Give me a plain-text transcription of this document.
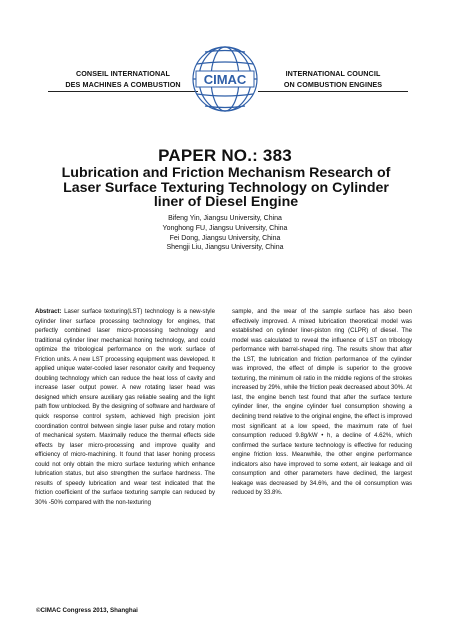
CONSEIL INTERNATIONAL
DES MACHINES A COMBUSTION	CIMAC	INTERNATIONAL COUNCIL
ON COMBUSTION ENGINES
PAPER NO.: 383
Lubrication and Friction Mechanism Research of
Laser Surface Texturing Technology on Cylinder
liner of Diesel Engine
Bifeng Yin, Jiangsu University, China
Yonghong FU, Jiangsu University, China
Fei Dong, Jiangsu University, China
Shengji Liu, Jiangsu University, China
Abstract: Laser surface texturing(LST) technology is a new-style cylinder liner surface processing technology for engines, that perfectly combined laser micro-processing technology and traditional cylinder liner mechanical honing technology, and could optimize the tribological performance on the work surface of Friction units. A new LST processing equipment was developed. It applied unique water-cooled laser resonator cavity and frequency doubling technology which can reduce the heat loss of cavity and increase laser output power. A new rotating laser head was designed which ensure auxiliary gas reliable sealing and the light path flow unblocked. By the designing of software and hardware of quick response control system, achieved high precision joint coordination control between single laser pulse and rotary motion of mechanical system. Maximally reduce the thermal effects side effects by laser micro-processing and improve quality and efficiency of micro-machining. It found that laser honing process could not only obtain the micro surface texturing which enhance lubrication status, but also strengthen the surface hardness. The results of speedy lubrication and wear test indicated that the friction coefficient of the surface texturing sample can reduced by 30% -50% compared with the non-texturing
sample, and the wear of the sample surface has also been effectively improved. A mixed lubrication theoretical model was established on cylinder liner-piston ring (CLPR) of diesel. The model was calculated to reveal the influence of LST on tribology performance with barrel-shaped ring. The results show that after the LST, the lubrication and friction performance of the cylinder was improved, the effect of dimple is superior to the groove texturing, the minimum oil ratio in the middle regions of the strokes increased by 29%, while the friction peak decreased about 30%. At last, the engine bench test found that after the surface texture cylinder liner, the engine cylinder fuel consumption showing a declining trend relative to the original engine, the effect is improved most significant at a low speed, the maximum rate of fuel consumption reduced 9.8g/kW • h, a decline of 4.62%, which confirmed the surface texture technology is effective for reducing engine friction loss. Meanwhile, the other engine performance indicators also have improved to some extent, air leakage and oil consumption and other parameters have declined, the largest leakage was decreased by 34.6%, and the oil consumption was reduced by 33.8%.
©CIMAC Congress 2013, Shanghai
